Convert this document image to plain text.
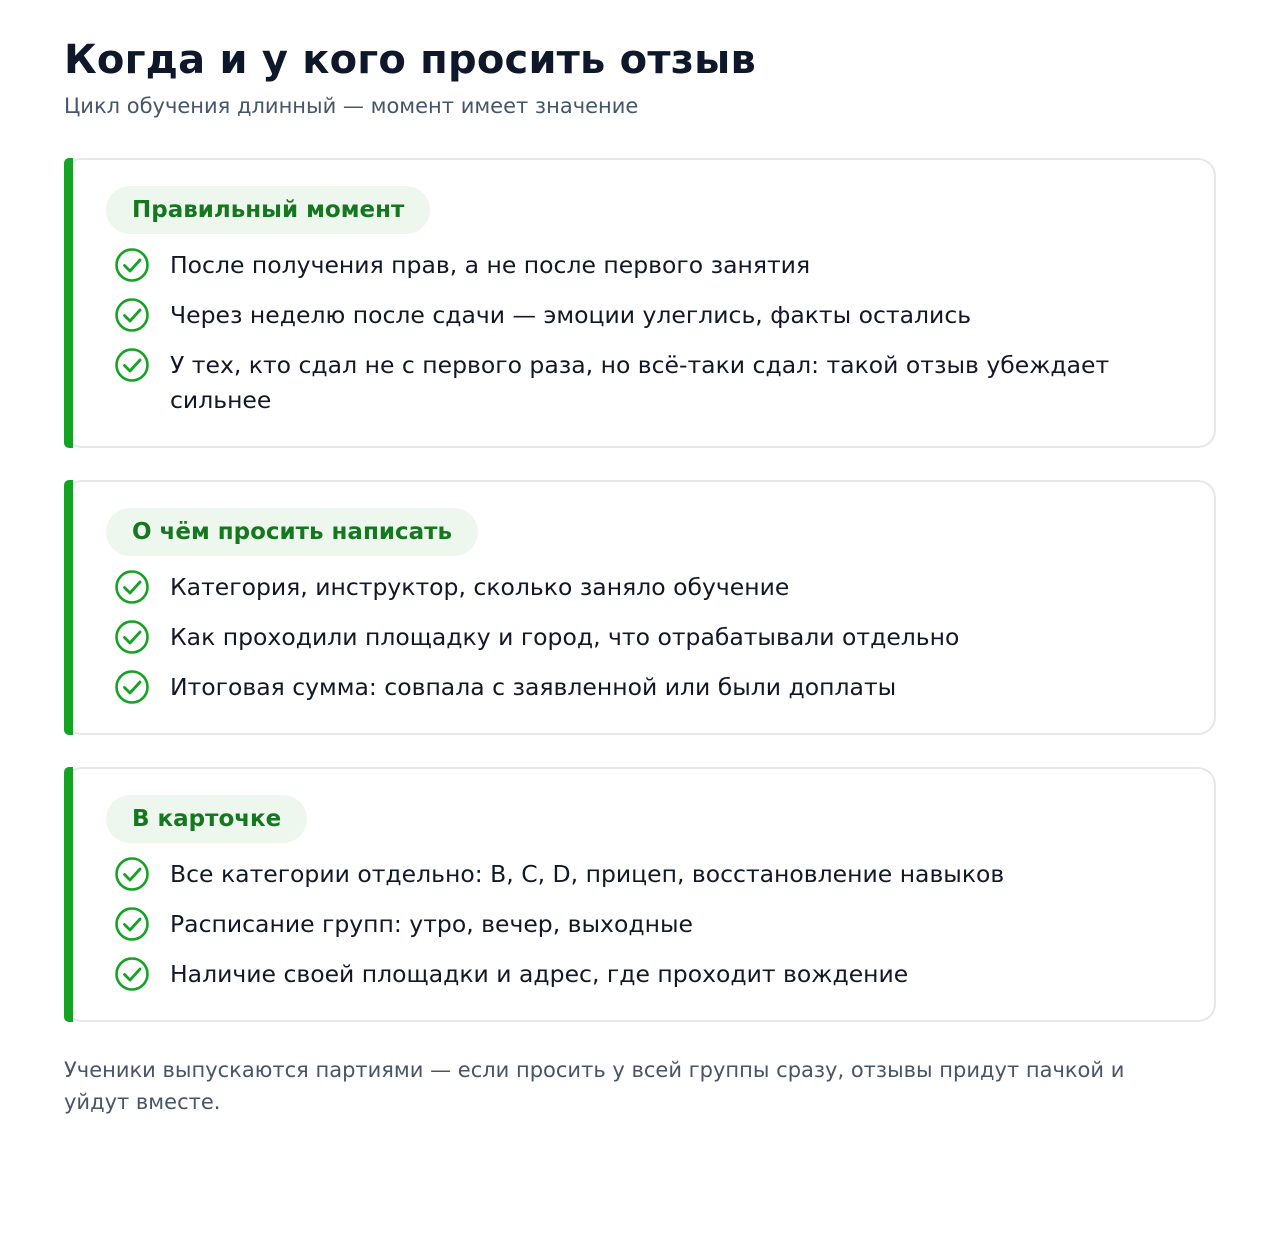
Когда и у кого просить отзыв

Цикл обучения длинный — момент имеет значение

Правильный момент
После получения прав, а не после первого занятия
Через неделю после сдачи — эмоции улеглись, факты остались
У тех, кто сдал не с первого раза, но всё-таки сдал: такой отзыв убеждает сильнее
О чём просить написать
Категория, инструктор, сколько заняло обучение
Как проходили площадку и город, что отрабатывали отдельно
Итоговая сумма: совпала с заявленной или были доплаты
В карточке
Все категории отдельно: B, C, D, прицеп, восстановление навыков
Расписание групп: утро, вечер, выходные
Наличие своей площадки и адрес, где проходит вождение

Ученики выпускаются партиями — если просить у всей группы сразу, отзывы придут пачкой и уйдут вместе.
